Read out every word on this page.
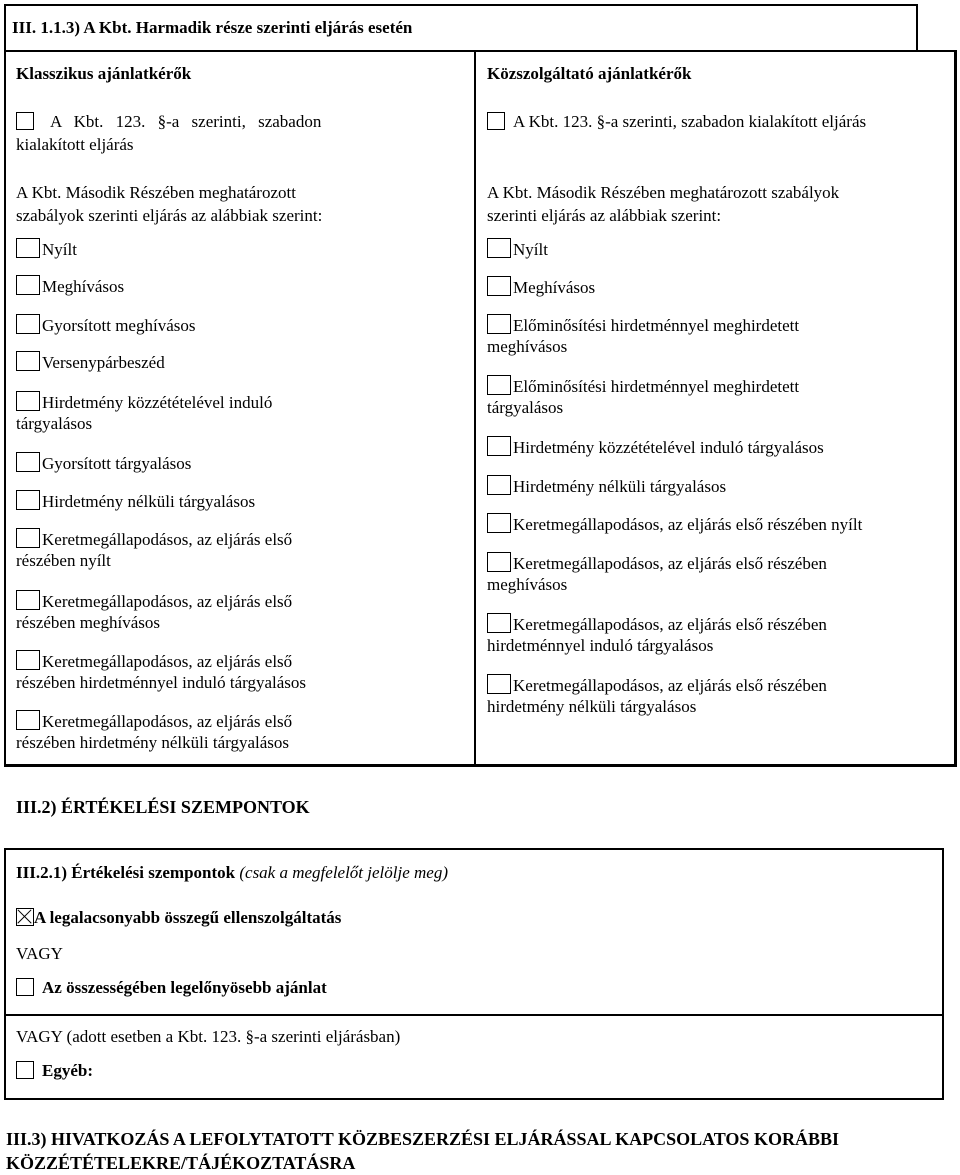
III. 1.1.3) A Kbt. Harmadik része szerinti eljárás esetén
Klasszikus ajánlatkérők
A Kbt. 123. §-a szerinti, szabadon
kialakított eljárás
A Kbt. Második Részében meghatározott
szabályok szerinti eljárás az alábbiak szerint:
Nyílt
Meghívásos
Gyorsított meghívásos
Versenypárbeszéd
Hirdetmény közzétételével induló
tárgyalásos
Gyorsított tárgyalásos
Hirdetmény nélküli tárgyalásos
Keretmegállapodásos, az eljárás első
részében nyílt
Keretmegállapodásos, az eljárás első
részében meghívásos
Keretmegállapodásos, az eljárás első
részében hirdetménnyel induló tárgyalásos
Keretmegállapodásos, az eljárás első
részében hirdetmény nélküli tárgyalásos
Közszolgáltató ajánlatkérők
A Kbt. 123. §-a szerinti, szabadon kialakított eljárás
A Kbt. Második Részében meghatározott szabályok
szerinti eljárás az alábbiak szerint:
Nyílt
Meghívásos
Előminősítési hirdetménnyel meghirdetett
meghívásos
Előminősítési hirdetménnyel meghirdetett
tárgyalásos
Hirdetmény közzétételével induló tárgyalásos
Hirdetmény nélküli tárgyalásos
Keretmegállapodásos, az eljárás első részében nyílt
Keretmegállapodásos, az eljárás első részében
meghívásos
Keretmegállapodásos, az eljárás első részében
hirdetménnyel induló tárgyalásos
Keretmegállapodásos, az eljárás első részében
hirdetmény nélküli tárgyalásos
III.2) ÉRTÉKELÉSI SZEMPONTOK
III.2.1) Értékelési szempontok (csak a megfelelőt jelölje meg)
A legalacsonyabb összegű ellenszolgáltatás
VAGY
Az összességében legelőnyösebb ajánlat
VAGY (adott esetben a Kbt. 123. §-a szerinti eljárásban)
Egyéb:
III.3) HIVATKOZÁS A LEFOLYTATOTT KÖZBESZERZÉSI ELJÁRÁSSAL KAPCSOLATOS KORÁBBI
KÖZZÉTÉTELEKRE/TÁJÉKOZTATÁSRA
